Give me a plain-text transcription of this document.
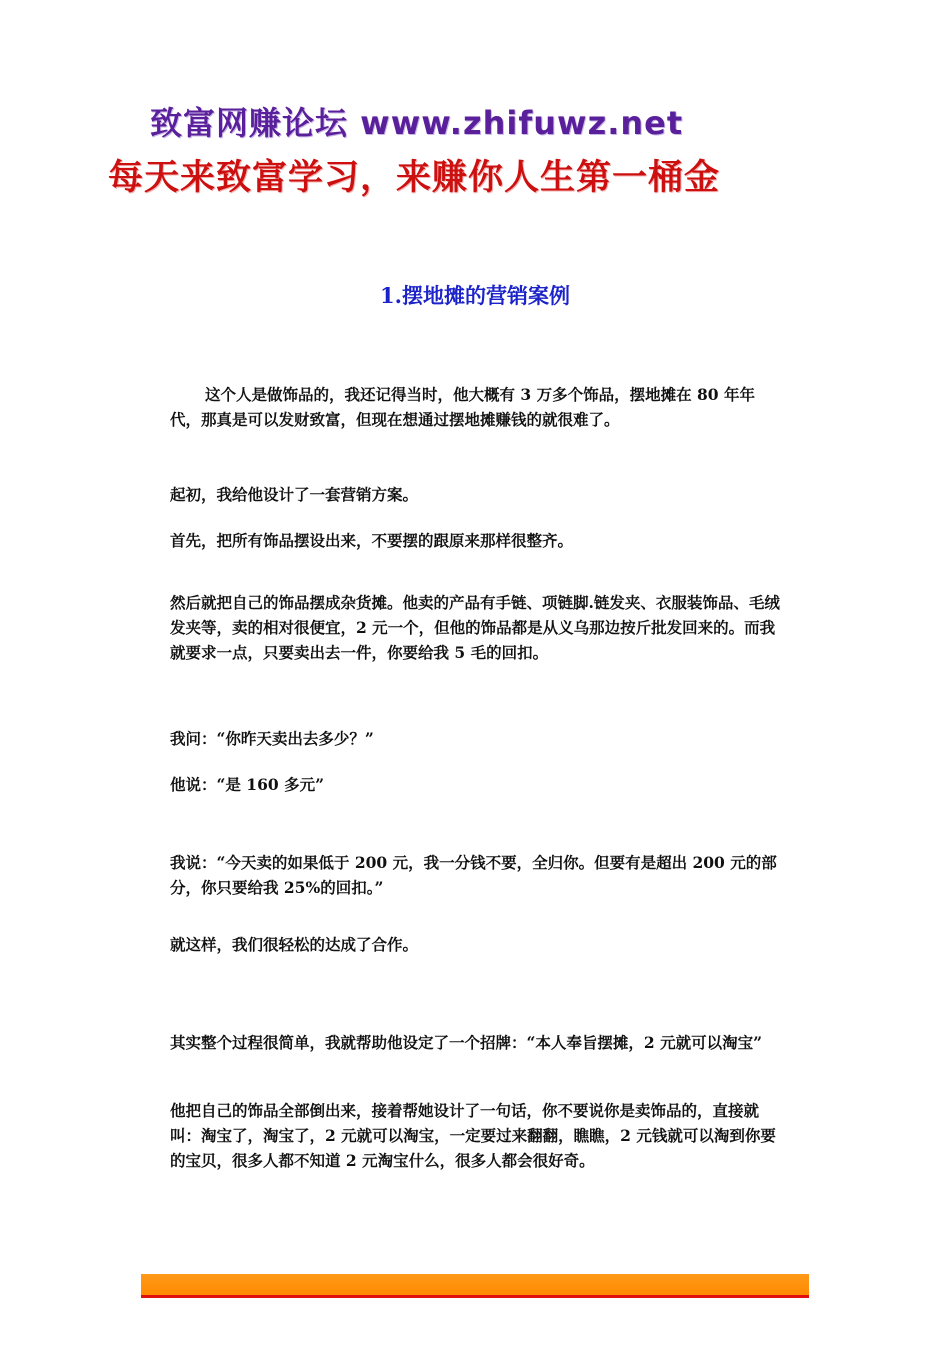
致富网赚论坛 www.zhifuwz.net
每天来致富学习，来赚你人生第一桶金
1.摆地摊的营销案例

这个人是做饰品的，我还记得当时，他大概有 3 万多个饰品，摆地摊在 80 年年代，那真是可以发财致富，但现在想通过摆地摊赚钱的就很难了。

起初，我给他设计了一套营销方案。

首先，把所有饰品摆设出来，不要摆的跟原来那样很整齐。

然后就把自己的饰品摆成杂货摊。他卖的产品有手链、项链脚.链发夹、衣服装饰品、毛绒发夹等，卖的相对很便宜，2 元一个，但他的饰品都是从义乌那边按斤批发回来的。而我就要求一点，只要卖出去一件，你要给我 5 毛的回扣。

我问：“你昨天卖出去多少？”

他说：“是 160 多元”

我说：“今天卖的如果低于 200 元，我一分钱不要，全归你。但要有是超出 200 元的部分，你只要给我 25%的回扣。”

就这样，我们很轻松的达成了合作。

其实整个过程很简单，我就帮助他设定了一个招牌：“本人奉旨摆摊，2 元就可以淘宝”

他把自己的饰品全部倒出来，接着帮她设计了一句话，你不要说你是卖饰品的，直接就叫：淘宝了，淘宝了，2 元就可以淘宝，一定要过来翻翻，瞧瞧，2 元钱就可以淘到你要的宝贝，很多人都不知道 2 元淘宝什么，很多人都会很好奇。
